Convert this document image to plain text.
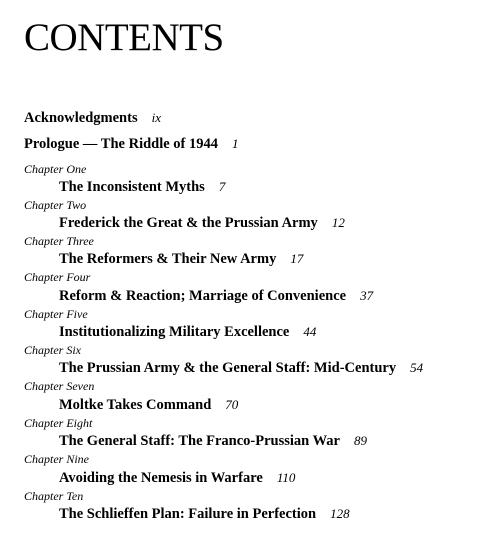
CONTENTS
Acknowledgments ix
Prologue — The Riddle of 1944 1
Chapter One
The Inconsistent Myths 7
Chapter Two
Frederick the Great & the Prussian Army 12
Chapter Three
The Reformers & Their New Army 17
Chapter Four
Reform & Reaction; Marriage of Convenience 37
Chapter Five
Institutionalizing Military Excellence 44
Chapter Six
The Prussian Army & the General Staff: Mid-Century 54
Chapter Seven
Moltke Takes Command 70
Chapter Eight
The General Staff: The Franco-Prussian War 89
Chapter Nine
Avoiding the Nemesis in Warfare 110
Chapter Ten
The Schlieffen Plan: Failure in Perfection 128
